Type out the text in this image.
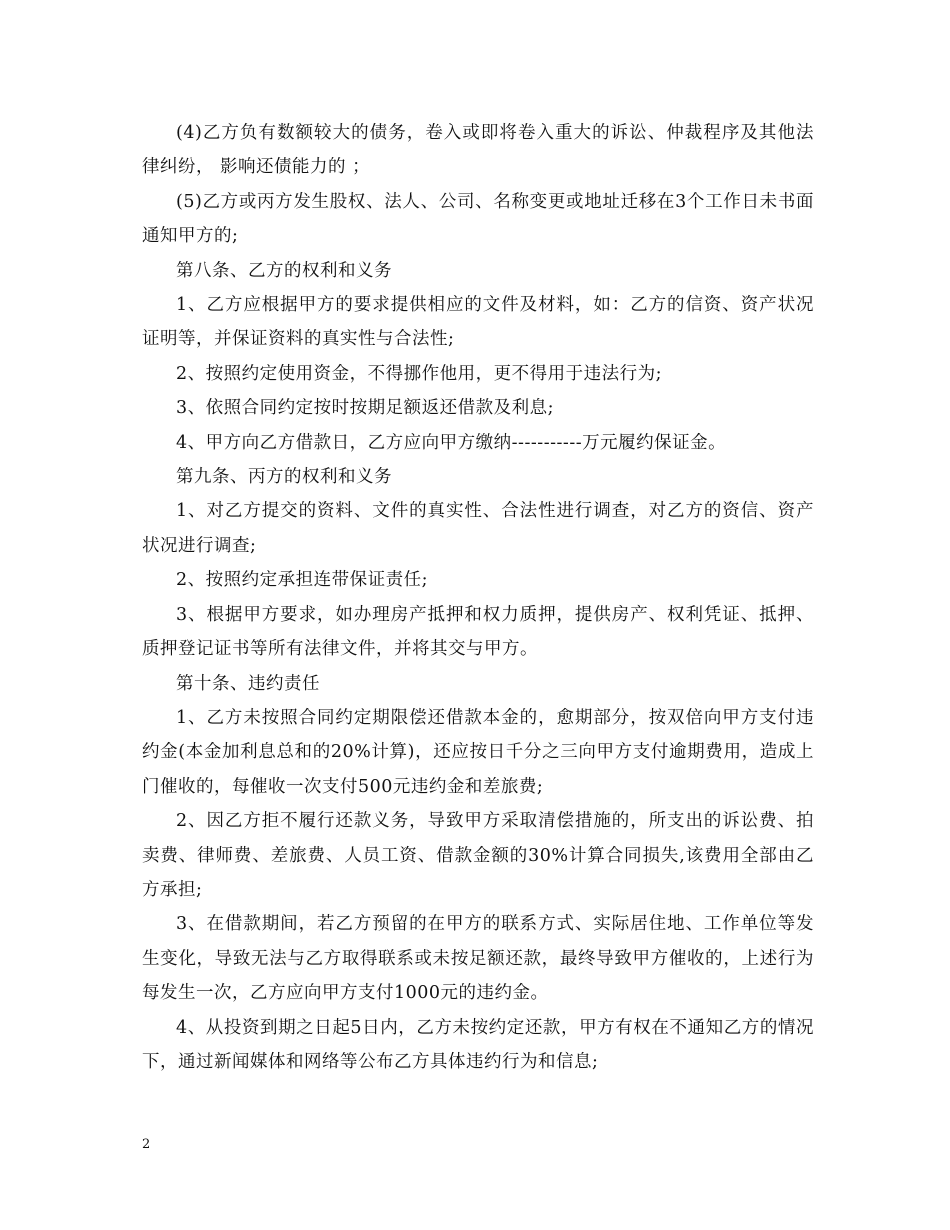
(4)乙方负有数额较大的债务，卷入或即将卷入重大的诉讼、仲裁程序及其他法律纠纷， 影响还债能力的 ；

(5)乙方或丙方发生股权、法人、公司、名称变更或地址迁移在3个工作日未书面通知甲方的;

第八条、乙方的权利和义务

1、乙方应根据甲方的要求提供相应的文件及材料，如：乙方的信资、资产状况证明等，并保证资料的真实性与合法性;

2、按照约定使用资金，不得挪作他用，更不得用于违法行为;

3、依照合同约定按时按期足额返还借款及利息;

4、甲方向乙方借款日，乙方应向甲方缴纳-----------万元履约保证金。

第九条、丙方的权利和义务

1、对乙方提交的资料、文件的真实性、合法性进行调查，对乙方的资信、资产状况进行调查;

2、按照约定承担连带保证责任;

3、根据甲方要求，如办理房产抵押和权力质押，提供房产、权利凭证、抵押、质押登记证书等所有法律文件，并将其交与甲方。

第十条、违约责任

1、乙方未按照合同约定期限偿还借款本金的，愈期部分，按双倍向甲方支付违约金(本金加利息总和的20%计算)，还应按日千分之三向甲方支付逾期费用，造成上门催收的，每催收一次支付500元违约金和差旅费;

2、因乙方拒不履行还款义务，导致甲方采取清偿措施的，所支出的诉讼费、拍卖费、律师费、差旅费、人员工资、借款金额的30%计算合同损失,该费用全部由乙方承担;

3、在借款期间，若乙方预留的在甲方的联系方式、实际居住地、工作单位等发生变化，导致无法与乙方取得联系或未按足额还款，最终导致甲方催收的，上述行为每发生一次，乙方应向甲方支付1000元的违约金。

4、从投资到期之日起5日内，乙方未按约定还款，甲方有权在不通知乙方的情况下，通过新闻媒体和网络等公布乙方具体违约行为和信息;

2
